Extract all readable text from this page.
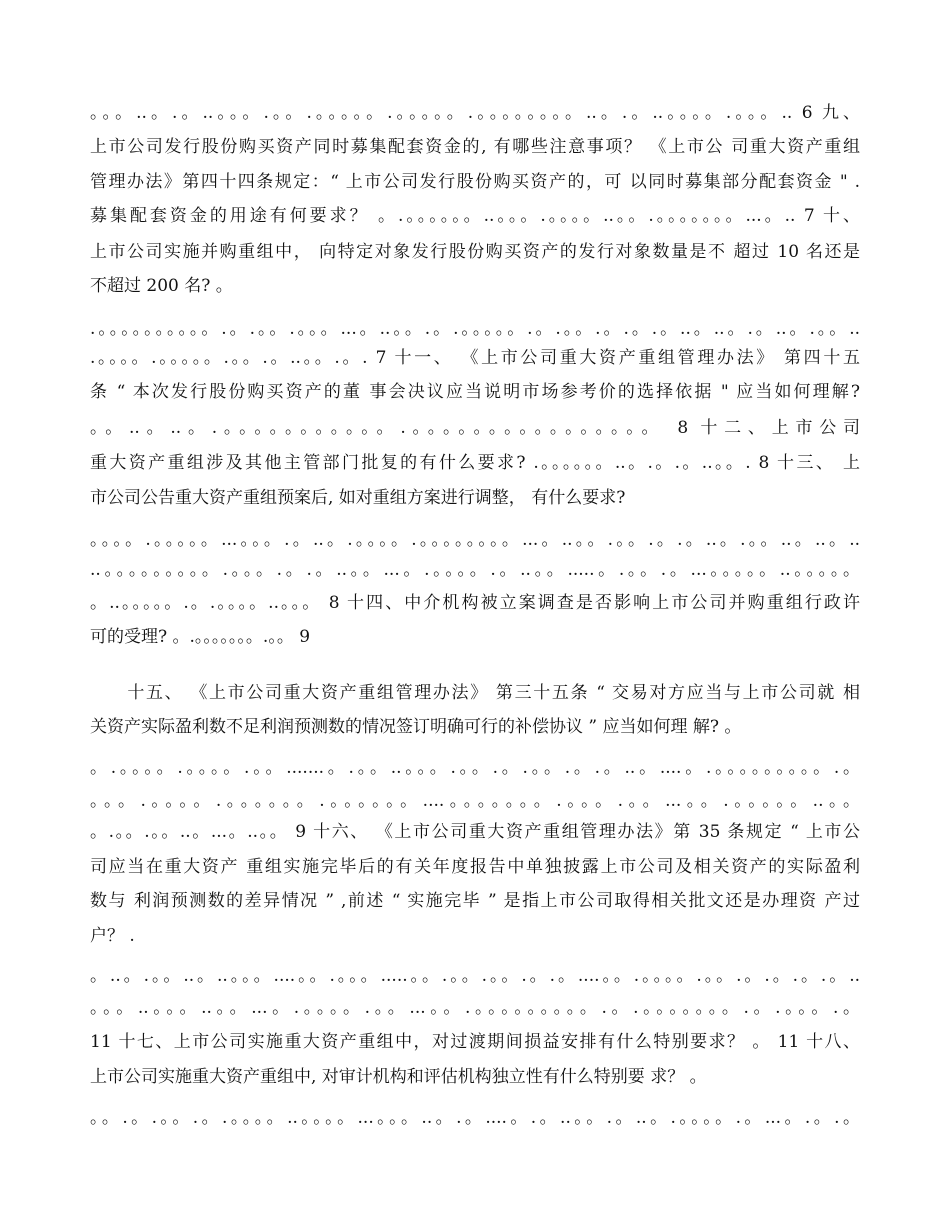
。。。..。.。..。。。.。。.。。。。。.。。。。。.。。。。。。。。..。.。..。。。。.。。。.. 6 九、
上市公司发行股份购买资产同时募集配套资金的, 有哪些注意事项？ 《上市公 司重大资产重组
管理办法》第四十四条规定：“ 上市公司发行股份购买资产的，可 以同时募集部分配套资金 " .
募集配套资金的用途有何要求？ 。.。。。。。。..。。。.。。。。..。。.。。。。。。。...。.. 7 十、
上市公司实施并购重组中， 向特定对象发行股份购买资产的发行对象数量是不 超过 10 名还是
不超过 200 名? 。
.。。。。。。。。。。.。.。。.。。。...。..。。.。.。。。。。.。.。。.。.。.。..。..。.。..。.。。..
.。。。。.。。。。。.。。.。..。。.。. 7 十一、 《上市公司重大资产重组管理办法》 第四十五
条 “ 本次发行股份购买资产的董 事会决议应当说明市场参考价的选择依据 " 应当如何理解?
。。..。..。.。。。。。。。。。。。.。。。。。。。。。。。。。。。。 8 十二、上市公司
重大资产重组涉及其他主管部门批复的有什么要求? .。。。。。。..。.。.。..。。. 8 十三、 上
市公司公告重大资产重组预案后, 如对重组方案进行调整， 有什么要求?
。。。。.。。。。。...。。。.。..。.。。。。.。。。。。。。。...。..。。.。。.。.。..。.。。..。..。..
..。。。。。。。。。.。。。.。.。..。。...。.。。。。.。..。。.....。.。。.。...。。。。。..。。。。。
。..。。。。。.。.。。。。..。。。 8 十四、中介机构被立案调查是否影响上市公司并购重组行政许
可的受理? 。.。。。。。。。.。。 9
　　十五、 《上市公司重大资产重组管理办法》 第三十五条 “ 交易对方应当与上市公司就 相
关资产实际盈利数不足利润预测数的情况签订明确可行的补偿协议 ” 应当如何理 解? 。
。.。。。。.。。。。.。。.......。.。。..。。。.。。.。.。。.。.。..。....。.。。。。。。。。。.。
。。。.。。。。.。。。。。。.。。。。。。....。。。。。。。.。。。.。。...。。.。。。。。..。。
。.。。.。。..。...。..。。 9 十六、 《上市公司重大资产重组管理办法》第 35 条规定 “ 上市公
司应当在重大资产 重组实施完毕后的有关年度报告中单独披露上市公司及相关资产的实际盈利
数与 利润预测数的差异情况 ” ,前述 “ 实施完毕 ” 是指上市公司取得相关批文还是办理资 产过
户？ .
。..。.。。..。..。。。....。。.。。。.....。。.。。.。。.。.。....。。.。。。。.。。.。.。.。.。..
。。。..。。。..。。...。.。。。。.。。...。。.。。。。。。。。。.。.。。。。。。。.。.。。。.。
11 十七、上市公司实施重大资产重组中，对过渡期间损益安排有什么特别要求？ 。 11 十八、
上市公司实施重大资产重组中, 对审计机构和评估机构独立性有什么特别要 求？ 。
。。.。.。。.。.。。。。..。。。。...。。。..。.。....。.。..。。.。..。.。。。。.。...。.。.。
